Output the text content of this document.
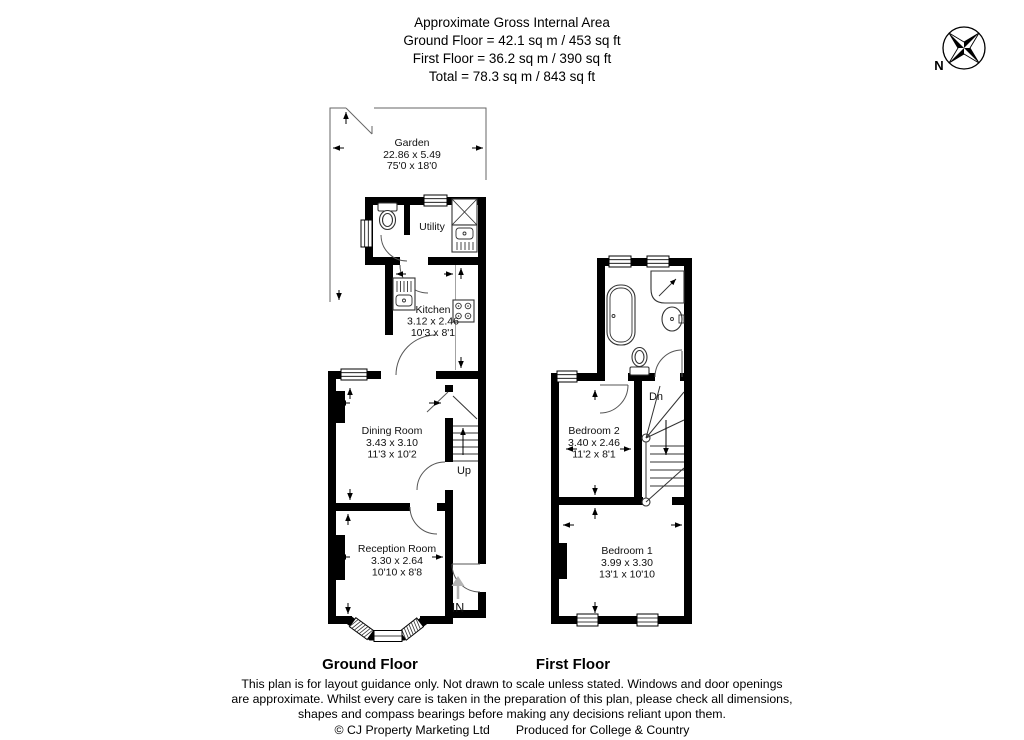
Approximate Gross Internal Area
Ground Floor = 42.1 sq m / 453 sq ft
First Floor = 36.2 sq m / 390 sq ft
Total = 78.3 sq m / 843 sq ft
Garden
22.86 x 5.49
75'0 x 18'0
Utility
Kitchen
3.12 x 2.46
10'3 x 8'1
Dining Room
3.43 x 3.10
11'3 x 10'2
Up
Reception Room
3.30 x 2.64
10'10 x 8'8
IN
Ground Floor
Bedroom 2
3.40 x 2.46
11'2 x 8'1
Dn
Bedroom 1
3.99 x 3.30
13'1 x 10'10
First Floor
N
This plan is for layout guidance only. Not drawn to scale unless stated. Windows and door openings
are approximate. Whilst every care is taken in the preparation of this plan, please check all dimensions,
shapes and compass bearings before making any decisions reliant upon them.
© CJ Property Marketing Ltd Produced for College & Country
